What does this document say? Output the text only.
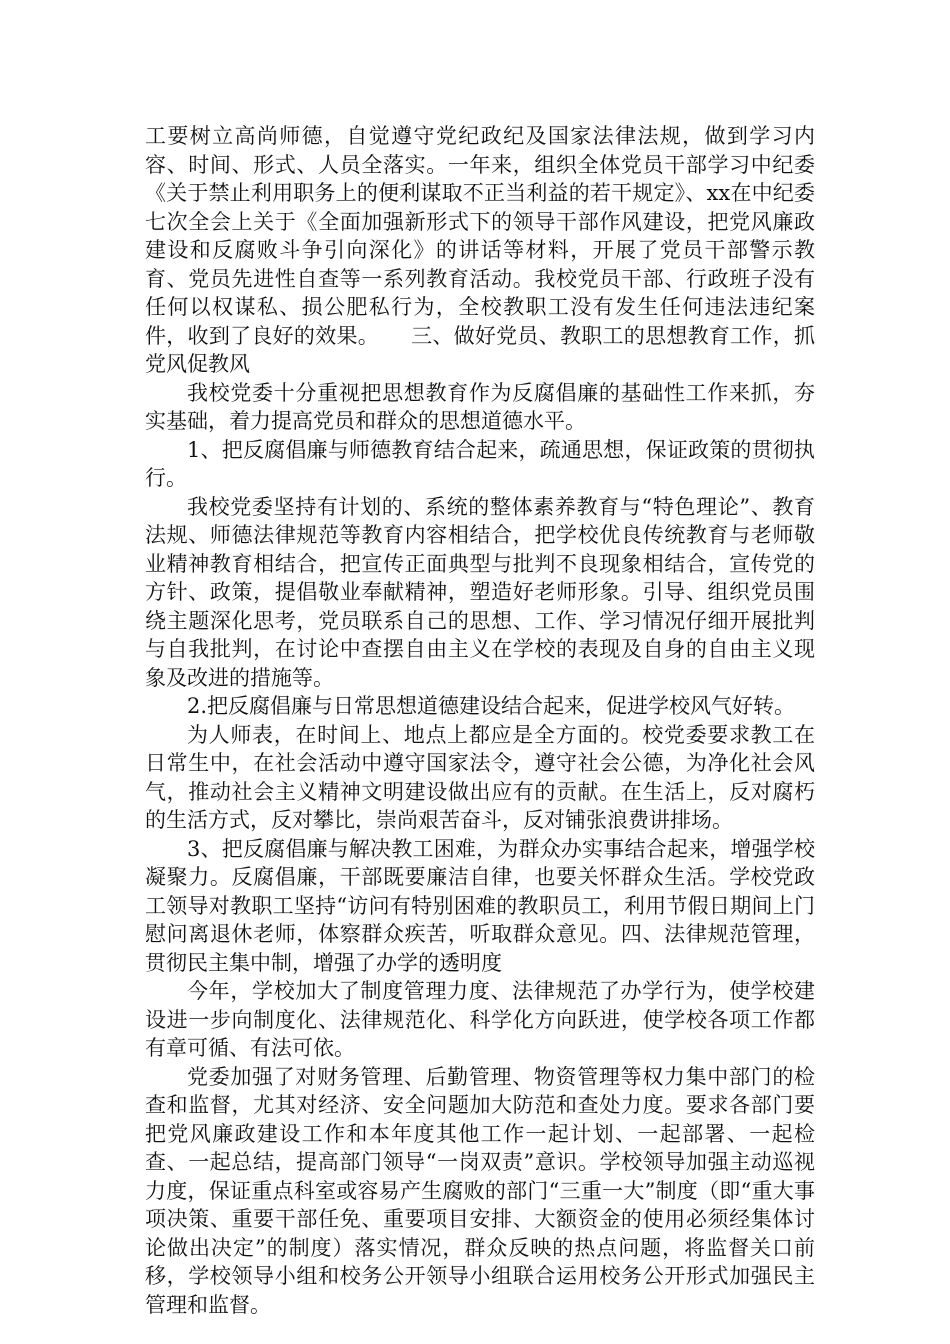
工要树立高尚师德，自觉遵守党纪政纪及国家法律法规，做到学习内容、时间、形式、人员全落实。一年来，组织全体党员干部学习中纪委《关于禁止利用职务上的便利谋取不正当利益的若干规定》、xx在中纪委七次全会上关于《全面加强新形式下的领导干部作风建设，把党风廉政建设和反腐败斗争引向深化》的讲话等材料，开展了党员干部警示教育、党员先进性自查等一系列教育活动。我校党员干部、行政班子没有任何以权谋私、损公肥私行为，全校教职工没有发生任何违法违纪案件，收到了良好的效果。　　三、做好党员、教职工的思想教育工作，抓党风促教风

我校党委十分重视把思想教育作为反腐倡廉的基础性工作来抓，夯实基础，着力提高党员和群众的思想道德水平。

1、把反腐倡廉与师德教育结合起来，疏通思想，保证政策的贯彻执行。

我校党委坚持有计划的、系统的整体素养教育与“特色理论”、教育法规、师德法律规范等教育内容相结合，把学校优良传统教育与老师敬业精神教育相结合，把宣传正面典型与批判不良现象相结合，宣传党的方针、政策，提倡敬业奉献精神，塑造好老师形象。引导、组织党员围绕主题深化思考，党员联系自己的思想、工作、学习情况仔细开展批判与自我批判，在讨论中查摆自由主义在学校的表现及自身的自由主义现象及改进的措施等。

2.把反腐倡廉与日常思想道德建设结合起来，促进学校风气好转。

为人师表，在时间上、地点上都应是全方面的。校党委要求教工在日常生中，在社会活动中遵守国家法令，遵守社会公德，为净化社会风气，推动社会主义精神文明建设做出应有的贡献。在生活上，反对腐朽的生活方式，反对攀比，崇尚艰苦奋斗，反对铺张浪费讲排场。

3、把反腐倡廉与解决教工困难，为群众办实事结合起来，增强学校凝聚力。反腐倡廉，干部既要廉洁自律，也要关怀群众生活。学校党政工领导对教职工坚持“访问有特别困难的教职员工，利用节假日期间上门慰问离退休老师，体察群众疾苦，听取群众意见。四、法律规范管理，贯彻民主集中制，增强了办学的透明度

今年，学校加大了制度管理力度、法律规范了办学行为，使学校建设进一步向制度化、法律规范化、科学化方向跃进，使学校各项工作都有章可循、有法可依。

党委加强了对财务管理、后勤管理、物资管理等权力集中部门的检查和监督，尤其对经济、安全问题加大防范和查处力度。要求各部门要把党风廉政建设工作和本年度其他工作一起计划、一起部署、一起检查、一起总结，提高部门领导“一岗双责”意识。学校领导加强主动巡视力度，保证重点科室或容易产生腐败的部门“三重一大”制度（即“重大事项决策、重要干部任免、重要项目安排、大额资金的使用必须经集体讨论做出决定”的制度）落实情况，群众反映的热点问题，将监督关口前移，学校领导小组和校务公开领导小组联合运用校务公开形式加强民主管理和监督。
